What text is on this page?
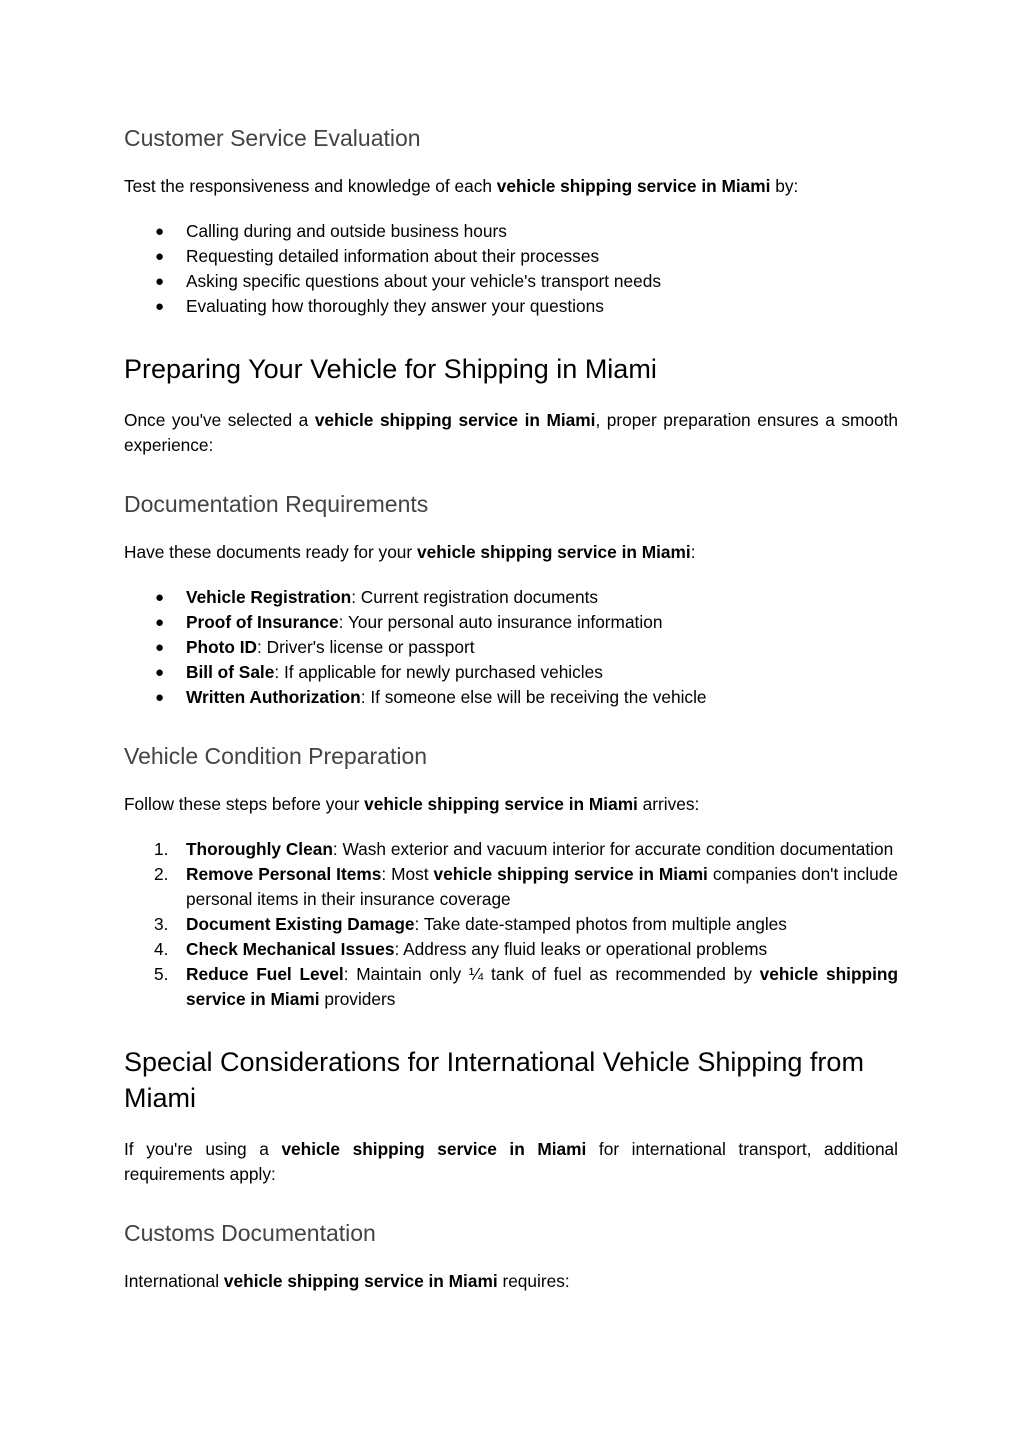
Customer Service Evaluation

Test the responsiveness and knowledge of each vehicle shipping service in Miami by:

● Calling during and outside business hours
● Requesting detailed information about their processes
● Asking specific questions about your vehicle's transport needs
● Evaluating how thoroughly they answer your questions
Preparing Your Vehicle for Shipping in Miami

Once you've selected a vehicle shipping service in Miami, proper preparation ensures a smooth experience:

Documentation Requirements

Have these documents ready for your vehicle shipping service in Miami:

● Vehicle Registration: Current registration documents
● Proof of Insurance: Your personal auto insurance information
● Photo ID: Driver's license or passport
● Bill of Sale: If applicable for newly purchased vehicles
● Written Authorization: If someone else will be receiving the vehicle
Vehicle Condition Preparation

Follow these steps before your vehicle shipping service in Miami arrives:

1. Thoroughly Clean: Wash exterior and vacuum interior for accurate condition documentation
2. Remove Personal Items: Most vehicle shipping service in Miami companies don't include personal items in their insurance coverage
3. Document Existing Damage: Take date-stamped photos from multiple angles
4. Check Mechanical Issues: Address any fluid leaks or operational problems
5. Reduce Fuel Level: Maintain only ¼ tank of fuel as recommended by vehicle shipping service in Miami providers
Special Considerations for International Vehicle Shipping from Miami

If you're using a vehicle shipping service in Miami for international transport, additional requirements apply:

Customs Documentation

International vehicle shipping service in Miami requires:
